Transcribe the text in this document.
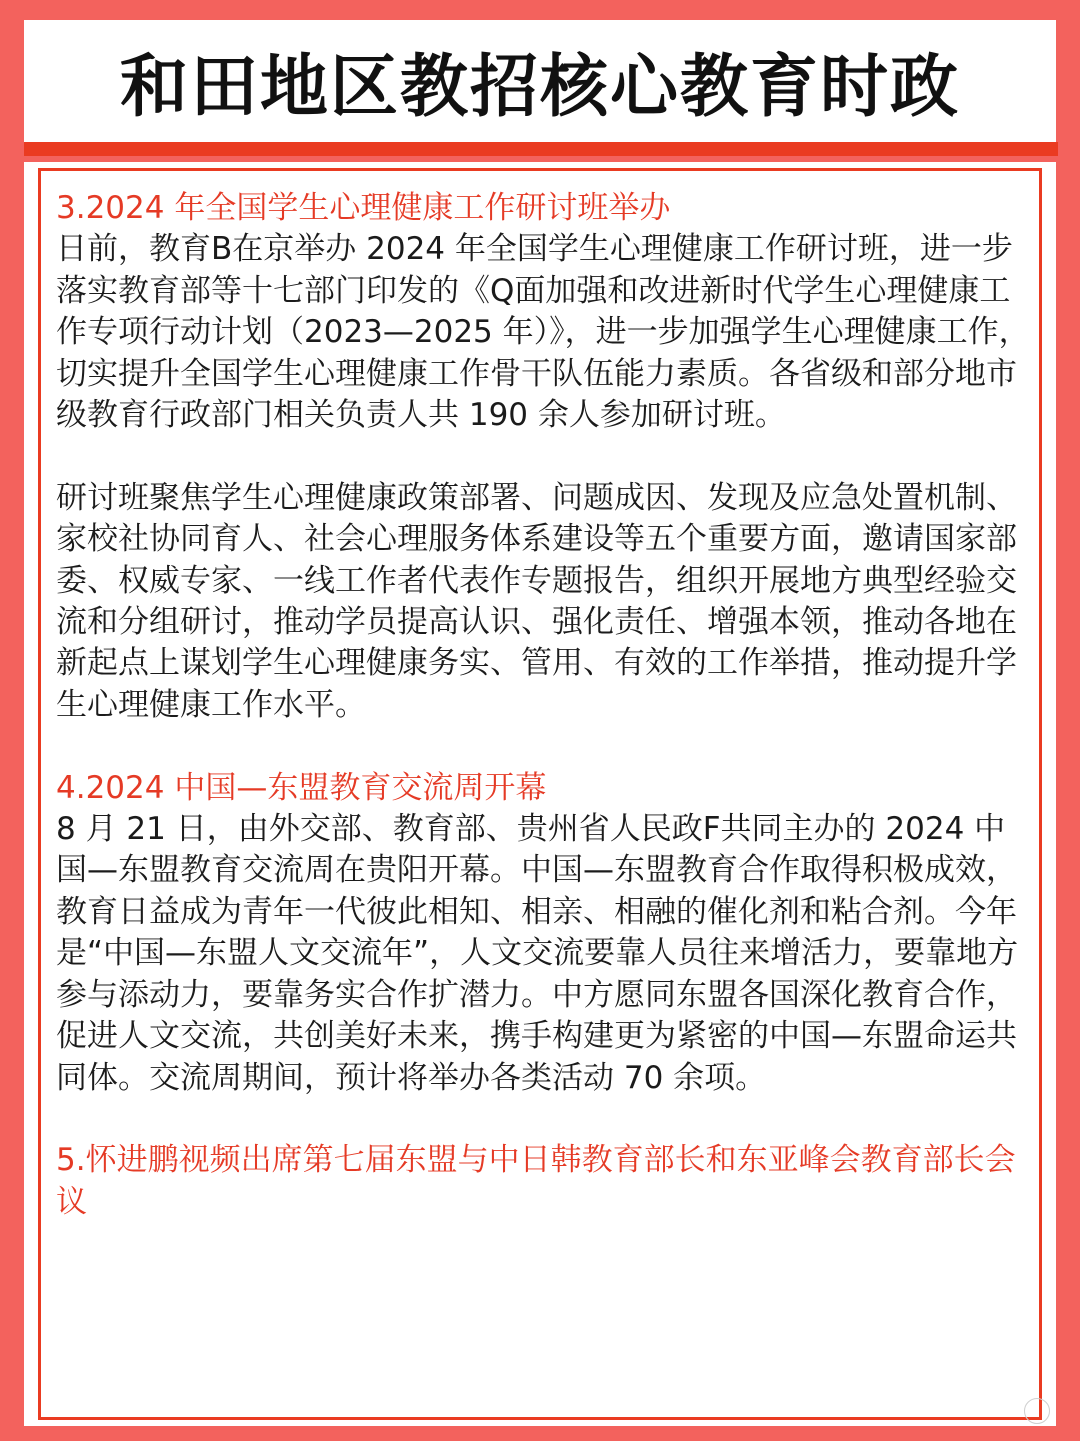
和田地区教招核心教育时政
3.2024 年全国学生心理健康工作研讨班举办

日前，教育B在京举办 2024 年全国学生心理健康工作研讨班，进一步落实教育部等十七部门印发的《Q面加强和改进新时代学生心理健康工作专项行动计划（2023—2025 年）》，进一步加强学生心理健康工作，切实提升全国学生心理健康工作骨干队伍能力素质。各省级和部分地市级教育行政部门相关负责人共 190 余人参加研讨班。

研讨班聚焦学生心理健康政策部署、问题成因、发现及应急处置机制、家校社协同育人、社会心理服务体系建设等五个重要方面，邀请国家部委、权威专家、一线工作者代表作专题报告，组织开展地方典型经验交流和分组研讨，推动学员提高认识、强化责任、增强本领，推动各地在新起点上谋划学生心理健康务实、管用、有效的工作举措，推动提升学生心理健康工作水平。

4.2024 中国—东盟教育交流周开幕

8 月 21 日，由外交部、教育部、贵州省人民政F共同主办的 2024 中国—东盟教育交流周在贵阳开幕。中国—东盟教育合作取得积极成效，教育日益成为青年一代彼此相知、相亲、相融的催化剂和粘合剂。今年是“中国—东盟人文交流年”，人文交流要靠人员往来增活力，要靠地方参与添动力，要靠务实合作扩潜力。中方愿同东盟各国深化教育合作，促进人文交流，共创美好未来，携手构建更为紧密的中国—东盟命运共同体。交流周期间，预计将举办各类活动 70 余项。

5.怀进鹏视频出席第七届东盟与中日韩教育部长和东亚峰会教育部长会议
